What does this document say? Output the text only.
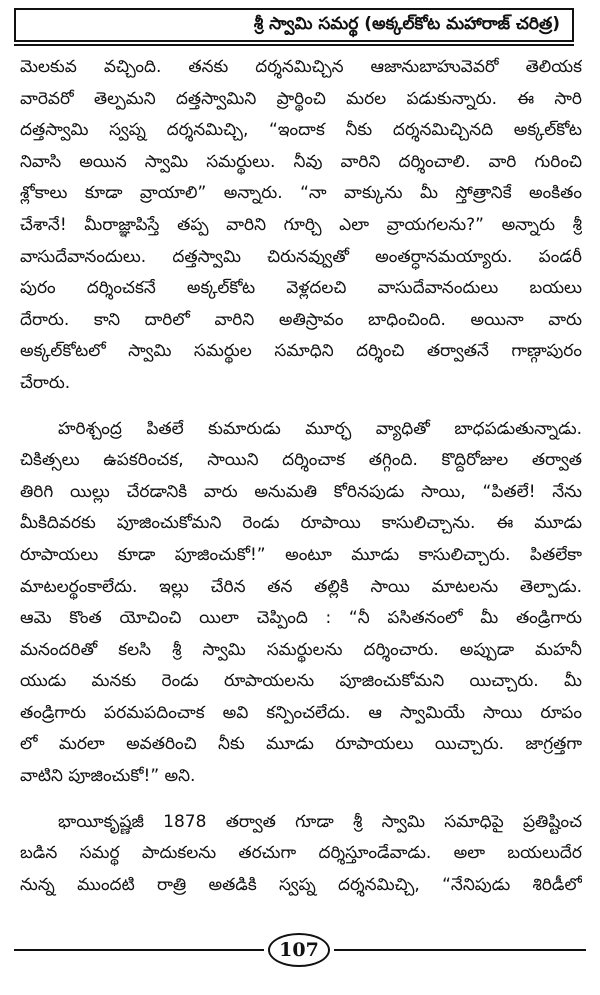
శ్రీ స్వామి సమర్థ (అక్కల్‌కోట మహారాజ్ చరిత్ర)
మెలకువ వచ్చింది. తనకు దర్శనమిచ్చిన ఆజానుబాహువెవరో తెలియక
వారెవరో తెల్పమని దత్తస్వామిని ప్రార్థించి మరల పడుకున్నారు. ఈ సారి
దత్తస్వామి స్వప్న దర్శనమిచ్చి, “ఇందాక నీకు దర్శనమిచ్చినది అక్కల్‌కోట
నివాసి అయిన స్వామి సమర్థులు. నీవు వారిని దర్శించాలి. వారి గురించి
శ్లోకాలు కూడా వ్రాయాలి” అన్నారు. “నా వాక్కును మీ స్తోత్రానికే అంకితం
చేశానే! మీరాజ్ఞాపిస్తే తప్ప వారిని గూర్చి ఎలా వ్రాయగలను?” అన్నారు శ్రీ
వాసుదేవానందులు. దత్తస్వామి చిరునవ్వుతో అంతర్ధానమయ్యారు. పండరీ
పురం దర్శించకనే అక్కల్‌కోట వెళ్లదలచి వాసుదేవానందులు బయలు
దేరారు. కాని దారిలో వారిని అతిస్రావం బాధించింది. అయినా వారు
అక్కల్‌కోటలో స్వామి సమర్థుల సమాధిని దర్శించి తర్వాతనే గాణ్గాపురం
చేరారు.
హరిశ్చంద్ర పితలే కుమారుడు మూర్ఛ వ్యాధితో బాధపడుతున్నాడు.
చికిత్సలు ఉపకరించక, సాయిని దర్శించాక తగ్గింది. కొద్దిరోజుల తర్వాత
తిరిగి యిల్లు చేరడానికి వారు అనుమతి కోరినపుడు సాయి, “పితలే! నేను
మీకిదివరకు పూజించుకోమని రెండు రూపాయి కాసులిచ్చాను. ఈ మూడు
రూపాయలు కూడా పూజించుకో!” అంటూ మూడు కాసులిచ్చారు. పితలేకా
మాటలర్థంకాలేదు. ఇల్లు చేరిన తన తల్లికి సాయి మాటలను తెల్పాడు.
ఆమె కొంత యోచించి యిలా చెప్పింది : “నీ పసితనంలో మీ తండ్రిగారు
మనందరితో కలసి శ్రీ స్వామి సమర్థులను దర్శించారు. అప్పుడా మహనీ
యుడు మనకు రెండు రూపాయలను పూజించుకోమని యిచ్చారు. మీ
తండ్రిగారు పరమపదించాక అవి కన్పించలేదు. ఆ స్వామియే సాయి రూపం
లో మరలా అవతరించి నీకు మూడు రూపాయలు యిచ్చారు. జాగ్రత్తగా
వాటిని పూజించుకో!” అని.
భాయీకృష్ణజీ 1878 తర్వాత గూడా శ్రీ స్వామి సమాధిపై ప్రతిష్టించ
బడిన సమర్థ పాదుకలను తరచుగా దర్శిస్తూండేవాడు. అలా బయలుదేర
నున్న ముందటి రాత్రి అతడికి స్వప్న దర్శనమిచ్చి, “నేనిపుడు శిరిడీలో
107
